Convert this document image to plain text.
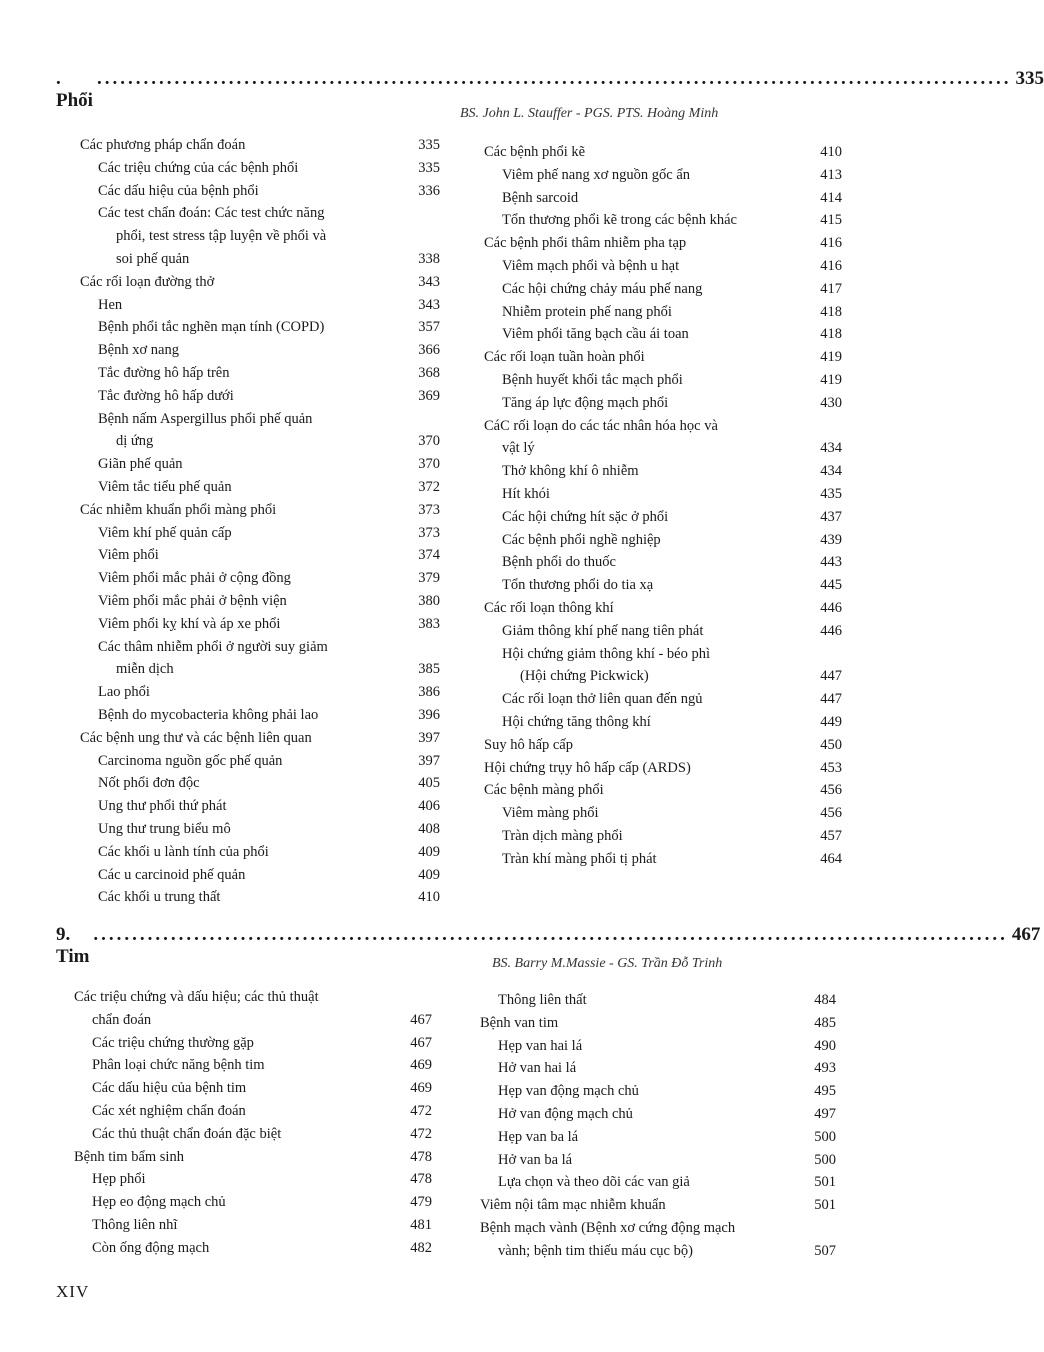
. Phổi
...................................................................................................................... 335
BS. John L. Stauffer - PGS. PTS. Hoàng Minh
Các phương pháp chẩn đoán	335
Các triệu chứng của các bệnh phổi	335
Các dấu hiệu của bệnh phổi	336
Các test chẩn đoán: Các test chức năng
phổi, test stress tập luyện về phổi và
soi phế quản	338
Các rối loạn đường thở	343
Hen	343
Bệnh phổi tắc nghẽn mạn tính (COPD)	357
Bệnh xơ nang	366
Tắc đường hô hấp trên	368
Tắc đường hô hấp dưới	369
Bệnh nấm Aspergillus phổi phế quản
dị ứng	370
Giãn phế quản	370
Viêm tắc tiểu phế quản	372
Các nhiễm khuẩn phổi màng phổi	373
Viêm khí phế quản cấp	373
Viêm phổi	374
Viêm phổi mắc phải ở cộng đồng	379
Viêm phổi mắc phải ở bệnh viện	380
Viêm phổi kỵ khí và áp xe phổi	383
Các thâm nhiễm phổi ở người suy giảm
miễn dịch	385
Lao phổi	386
Bệnh do mycobacteria không phải lao	396
Các bệnh ung thư và các bệnh liên quan	397
Carcinoma nguồn gốc phế quản	397
Nốt phổi đơn độc	405
Ung thư phổi thứ phát	406
Ung thư trung biểu mô	408
Các khối u lành tính của phổi	409
Các u carcinoid phế quản	409
Các khối u trung thất	410
Các bệnh phổi kẽ	410
Viêm phế nang xơ nguồn gốc ẩn	413
Bệnh sarcoid	414
Tổn thương phổi kẽ trong các bệnh khác	415
Các bệnh phổi thâm nhiễm pha tạp	416
Viêm mạch phổi và bệnh u hạt	416
Các hội chứng chảy máu phế nang	417
Nhiễm protein phế nang phổi	418
Viêm phổi tăng bạch cầu ái toan	418
Các rối loạn tuần hoàn phổi	419
Bệnh huyết khối tắc mạch phổi	419
Tăng áp lực động mạch phổi	430
CáC rối loạn do các tác nhân hóa học và
vật lý	434
Thở không khí ô nhiễm	434
Hít khói	435
Các hội chứng hít sặc ở phổi	437
Các bệnh phổi nghề nghiệp	439
Bệnh phổi do thuốc	443
Tổn thương phổi do tia xạ	445
Các rối loạn thông khí	446
Giảm thông khí phế nang tiên phát	446
Hội chứng giảm thông khí - béo phì
(Hội chứng Pickwick)	447
Các rối loạn thở liên quan đến ngủ	447
Hội chứng tăng thông khí	449
Suy hô hấp cấp	450
Hội chứng trụy hô hấp cấp (ARDS)	453
Các bệnh màng phổi	456
Viêm màng phổi	456
Tràn dịch màng phổi	457
Tràn khí màng phổi tị phát	464
9. Tim
...................................................................................................................... 467
BS. Barry M.Massie - GS. Trần Đỗ Trinh
Các triệu chứng và dấu hiệu; các thủ thuật
chẩn đoán	467
Các triệu chứng thường gặp	467
Phân loại chức năng bệnh tim	469
Các dấu hiệu của bệnh tim	469
Các xét nghiệm chẩn đoán	472
Các thủ thuật chẩn đoán đặc biệt	472
Bệnh tim bẩm sinh	478
Hẹp phổi	478
Hẹp eo động mạch chủ	479
Thông liên nhĩ	481
Còn ống động mạch	482
Thông liên thất	484
Bệnh van tim	485
Hẹp van hai lá	490
Hở van hai lá	493
Hẹp van động mạch chủ	495
Hở van động mạch chủ	497
Hẹp van ba lá	500
Hở van ba lá	500
Lựa chọn và theo dõi các van giả	501
Viêm nội tâm mạc nhiễm khuẩn	501
Bệnh mạch vành (Bệnh xơ cứng động mạch
vành; bệnh tim thiếu máu cục bộ)	507
XIV
